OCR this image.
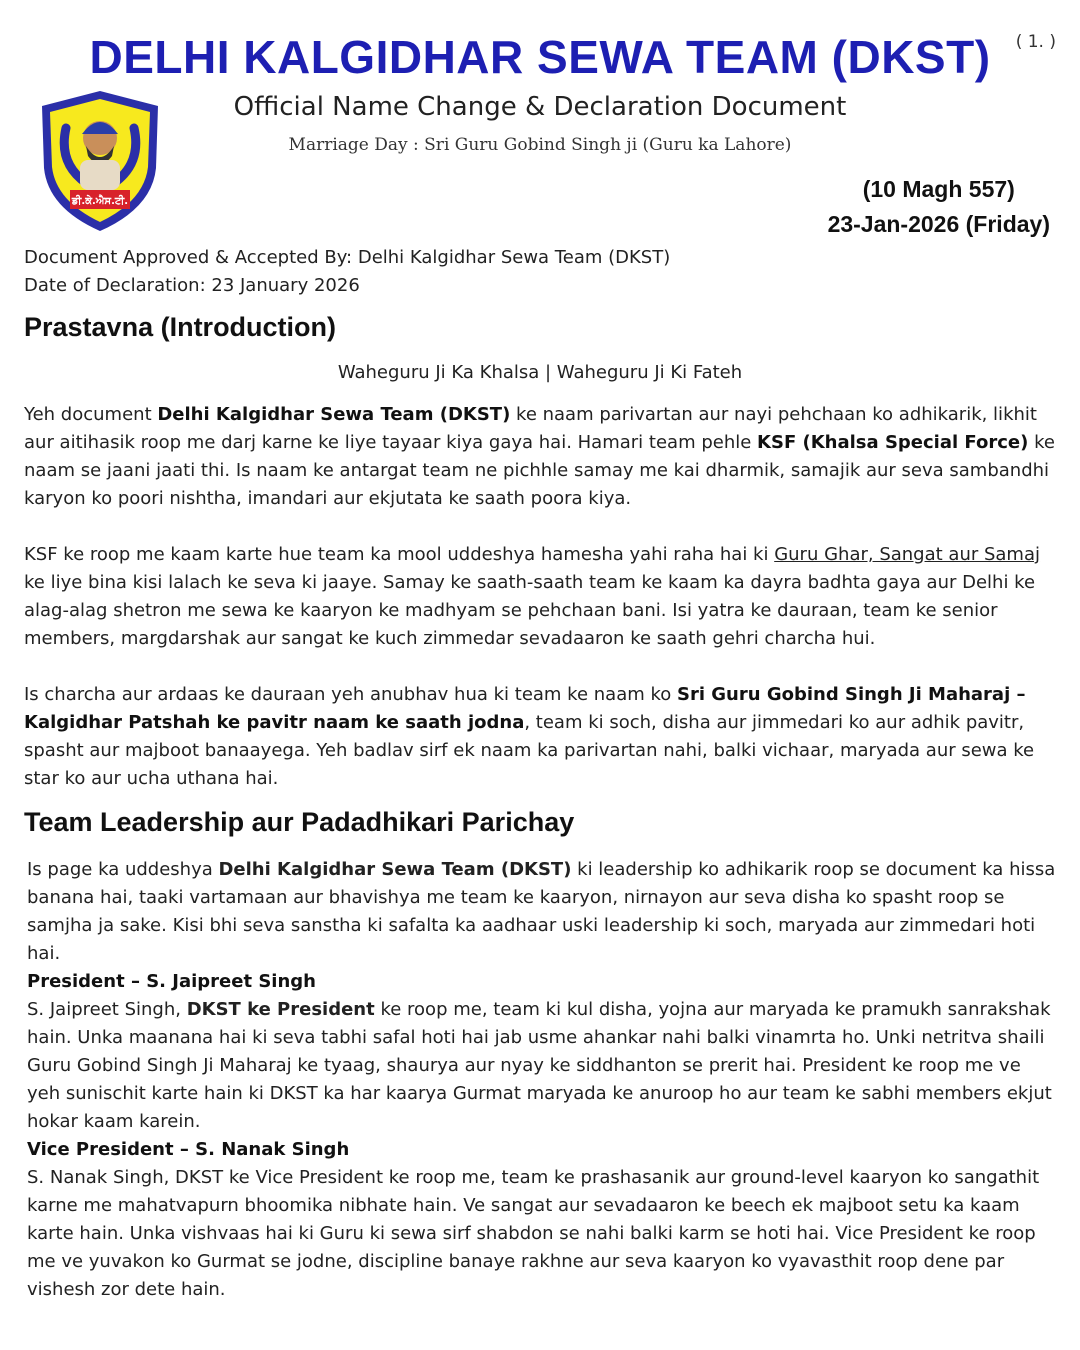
( 1. )
DELHI KALGIDHAR SEWA TEAM (DKST)
Official Name Change & Declaration Document
Marriage Day : Sri Guru Gobind Singh ji (Guru ka Lahore)
ਡੀ.ਕੇ.ਐਸ.ਟੀ.	(10 Magh 557)
23-Jan-2026 (Friday)
Document Approved & Accepted By: Delhi Kalgidhar Sewa Team (DKST)
Date of Declaration: 23 January 2026
Prastavna (Introduction)
Waheguru Ji Ka Khalsa | Waheguru Ji Ki Fateh
Yeh document Delhi Kalgidhar Sewa Team (DKST) ke naam parivartan aur nayi pehchaan ko adhikarik, likhit aur aitihasik roop me darj karne ke liye tayaar kiya gaya hai. Hamari team pehle KSF (Khalsa Special Force) ke naam se jaani jaati thi. Is naam ke antargat team ne pichhle samay me kai dharmik, samajik aur seva sambandhi karyon ko poori nishtha, imandari aur ekjutata ke saath poora kiya.
KSF ke roop me kaam karte hue team ka mool uddeshya hamesha yahi raha hai ki Guru Ghar, Sangat aur Samaj ke liye bina kisi lalach ke seva ki jaaye. Samay ke saath-saath team ke kaam ka dayra badhta gaya aur Delhi ke alag-alag shetron me sewa ke kaaryon ke madhyam se pehchaan bani. Isi yatra ke dauraan, team ke senior members, margdarshak aur sangat ke kuch zimmedar sevadaaron ke saath gehri charcha hui.
Is charcha aur ardaas ke dauraan yeh anubhav hua ki team ke naam ko Sri Guru Gobind Singh Ji Maharaj – Kalgidhar Patshah ke pavitr naam ke saath jodna, team ki soch, disha aur jimmedari ko aur adhik pavitr, spasht aur majboot banaayega. Yeh badlav sirf ek naam ka parivartan nahi, balki vichaar, maryada aur sewa ke star ko aur ucha uthana hai.
Team Leadership aur Padadhikari Parichay
Is page ka uddeshya Delhi Kalgidhar Sewa Team (DKST) ki leadership ko adhikarik roop se document ka hissa banana hai, taaki vartamaan aur bhavishya me team ke kaaryon, nirnayon aur seva disha ko spasht roop se samjha ja sake. Kisi bhi seva sanstha ki safalta ka aadhaar uski leadership ki soch, maryada aur zimmedari hoti hai.
President – S. Jaipreet Singh
S. Jaipreet Singh, DKST ke President ke roop me, team ki kul disha, yojna aur maryada ke pramukh sanrakshak hain. Unka maanana hai ki seva tabhi safal hoti hai jab usme ahankar nahi balki vinamrta ho. Unki netritva shaili Guru Gobind Singh Ji Maharaj ke tyaag, shaurya aur nyay ke siddhanton se prerit hai. President ke roop me ve yeh sunischit karte hain ki DKST ka har kaarya Gurmat maryada ke anuroop ho aur team ke sabhi members ekjut hokar kaam karein.
Vice President – S. Nanak Singh
S. Nanak Singh, DKST ke Vice President ke roop me, team ke prashasanik aur ground-level kaaryon ko sangathit karne me mahatvapurn bhoomika nibhate hain. Ve sangat aur sevadaaron ke beech ek majboot setu ka kaam karte hain. Unka vishvaas hai ki Guru ki sewa sirf shabdon se nahi balki karm se hoti hai. Vice President ke roop me ve yuvakon ko Gurmat se jodne, discipline banaye rakhne aur seva kaaryon ko vyavasthit roop dene par vishesh zor dete hain.
